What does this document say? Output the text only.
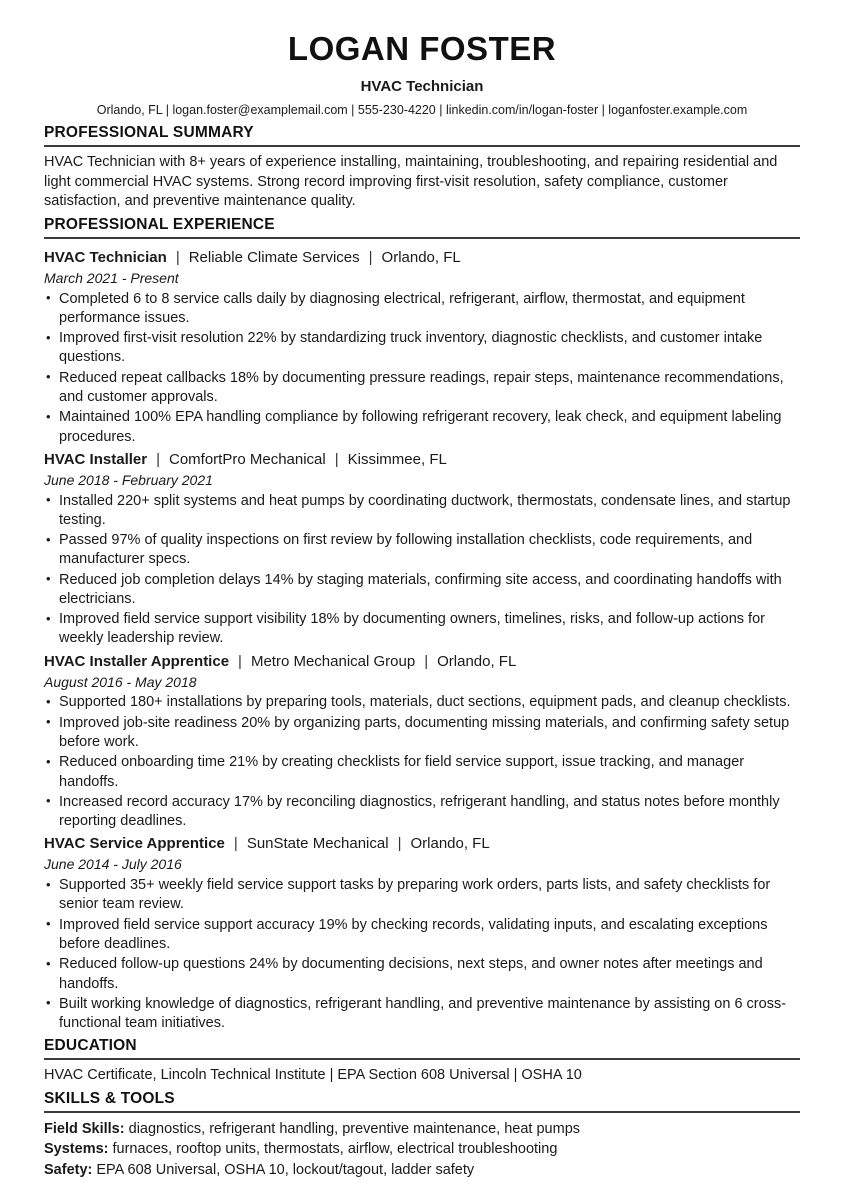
LOGAN FOSTER
HVAC Technician
Orlando, FL | logan.foster@examplemail.com | 555-230-4220 | linkedin.com/in/logan-foster | loganfoster.example.com
PROFESSIONAL SUMMARY

HVAC Technician with 8+ years of experience installing, maintaining, troubleshooting, and repairing residential and light commercial HVAC systems. Strong record improving first-visit resolution, safety compliance, customer satisfaction, and preventive maintenance quality.

PROFESSIONAL EXPERIENCE
HVAC Technician | Reliable Climate Services | Orlando, FL
March 2021 - Present
• Completed 6 to 8 service calls daily by diagnosing electrical, refrigerant, airflow, thermostat, and equipment performance issues.
• Improved first-visit resolution 22% by standardizing truck inventory, diagnostic checklists, and customer intake questions.
• Reduced repeat callbacks 18% by documenting pressure readings, repair steps, maintenance recommendations, and customer approvals.
• Maintained 100% EPA handling compliance by following refrigerant recovery, leak check, and equipment labeling procedures.
HVAC Installer | ComfortPro Mechanical | Kissimmee, FL
June 2018 - February 2021
• Installed 220+ split systems and heat pumps by coordinating ductwork, thermostats, condensate lines, and startup testing.
• Passed 97% of quality inspections on first review by following installation checklists, code requirements, and manufacturer specs.
• Reduced job completion delays 14% by staging materials, confirming site access, and coordinating handoffs with electricians.
• Improved field service support visibility 18% by documenting owners, timelines, risks, and follow-up actions for weekly leadership review.
HVAC Installer Apprentice | Metro Mechanical Group | Orlando, FL
August 2016 - May 2018
• Supported 180+ installations by preparing tools, materials, duct sections, equipment pads, and cleanup checklists.
• Improved job-site readiness 20% by organizing parts, documenting missing materials, and confirming safety setup before work.
• Reduced onboarding time 21% by creating checklists for field service support, issue tracking, and manager handoffs.
• Increased record accuracy 17% by reconciling diagnostics, refrigerant handling, and status notes before monthly reporting deadlines.
HVAC Service Apprentice | SunState Mechanical | Orlando, FL
June 2014 - July 2016
• Supported 35+ weekly field service support tasks by preparing work orders, parts lists, and safety checklists for senior team review.
• Improved field service support accuracy 19% by checking records, validating inputs, and escalating exceptions before deadlines.
• Reduced follow-up questions 24% by documenting decisions, next steps, and owner notes after meetings and handoffs.
• Built working knowledge of diagnostics, refrigerant handling, and preventive maintenance by assisting on 6 cross-functional team initiatives.
EDUCATION

HVAC Certificate, Lincoln Technical Institute | EPA Section 608 Universal | OSHA 10

SKILLS & TOOLS

Field Skills: diagnostics, refrigerant handling, preventive maintenance, heat pumps

Systems: furnaces, rooftop units, thermostats, airflow, electrical troubleshooting

Safety: EPA 608 Universal, OSHA 10, lockout/tagout, ladder safety
